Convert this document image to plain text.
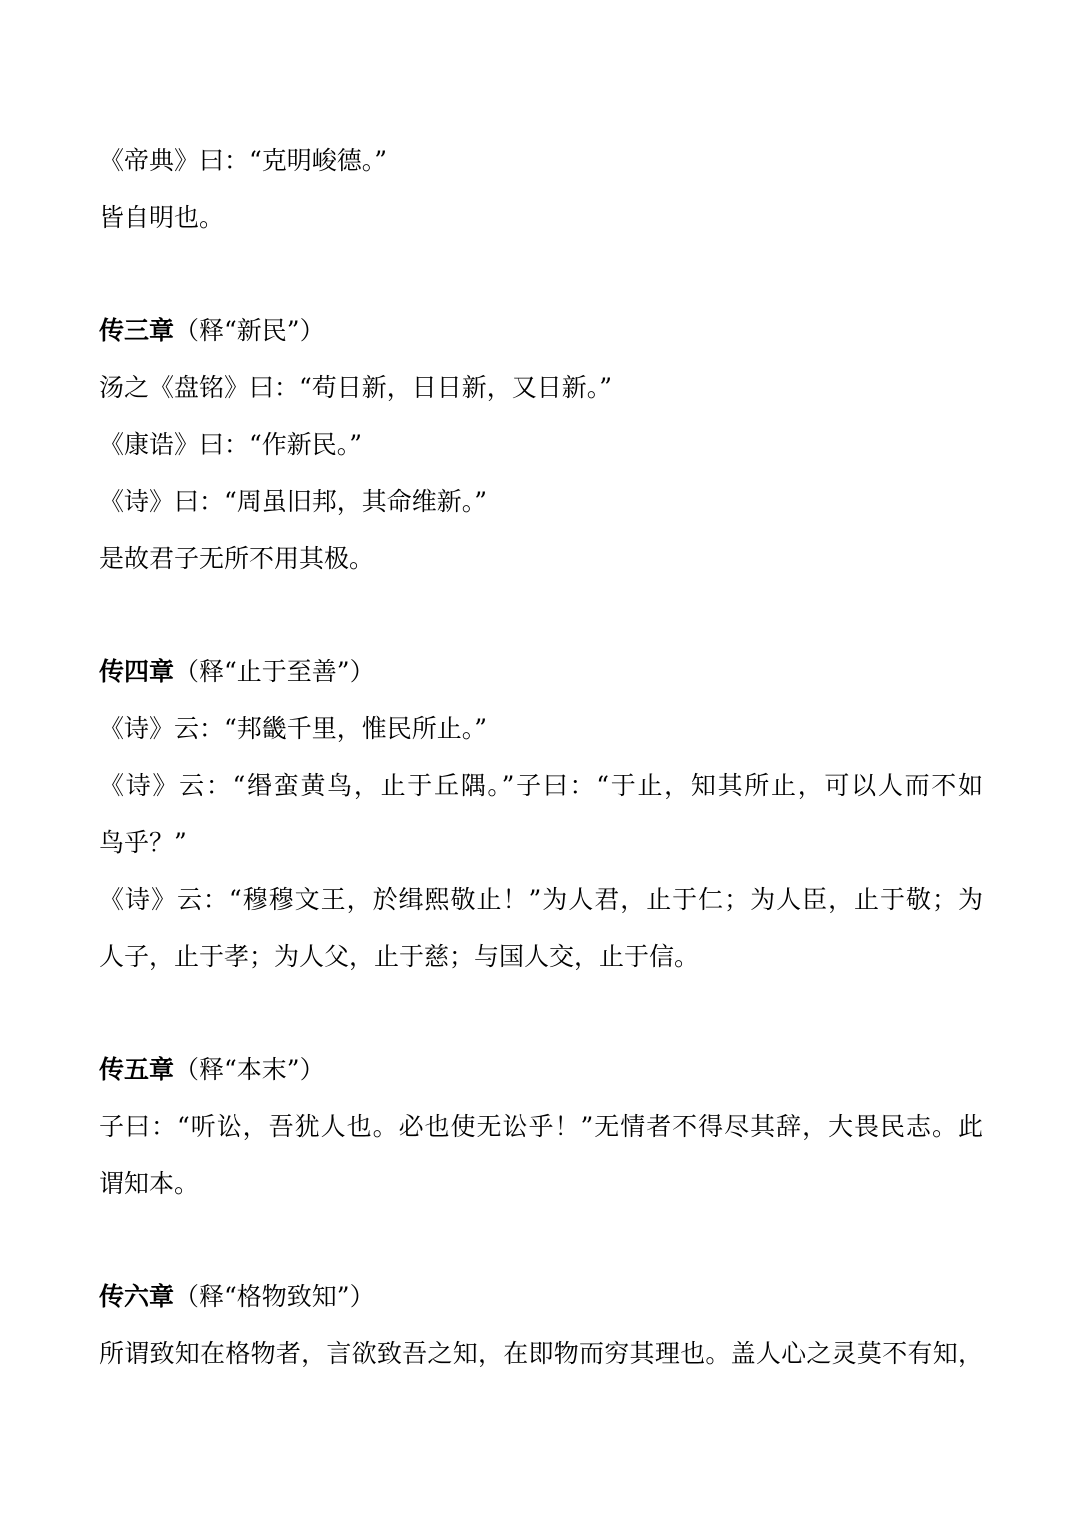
《帝典》曰：“克明峻德。”
皆自明也。
传三章（释“新民”）
汤之《盘铭》曰：“苟日新，日日新，又日新。”
《康诰》曰：“作新民。”
《诗》曰：“周虽旧邦，其命维新。”
是故君子无所不用其极。
传四章（释“止于至善”）
《诗》云：“邦畿千里，惟民所止。”
《诗》云：“缗蛮黄鸟，止于丘隅。”子曰：“于止，知其所止，可以人而不如
鸟乎？”
《诗》云：“穆穆文王，於缉熙敬止！”为人君，止于仁；为人臣，止于敬；为
人子，止于孝；为人父，止于慈；与国人交，止于信。
传五章（释“本末”）
子曰：“听讼，吾犹人也。必也使无讼乎！”无情者不得尽其辞，大畏民志。此
谓知本。
传六章（释“格物致知”）
所谓致知在格物者，言欲致吾之知，在即物而穷其理也。盖人心之灵莫不有知，
